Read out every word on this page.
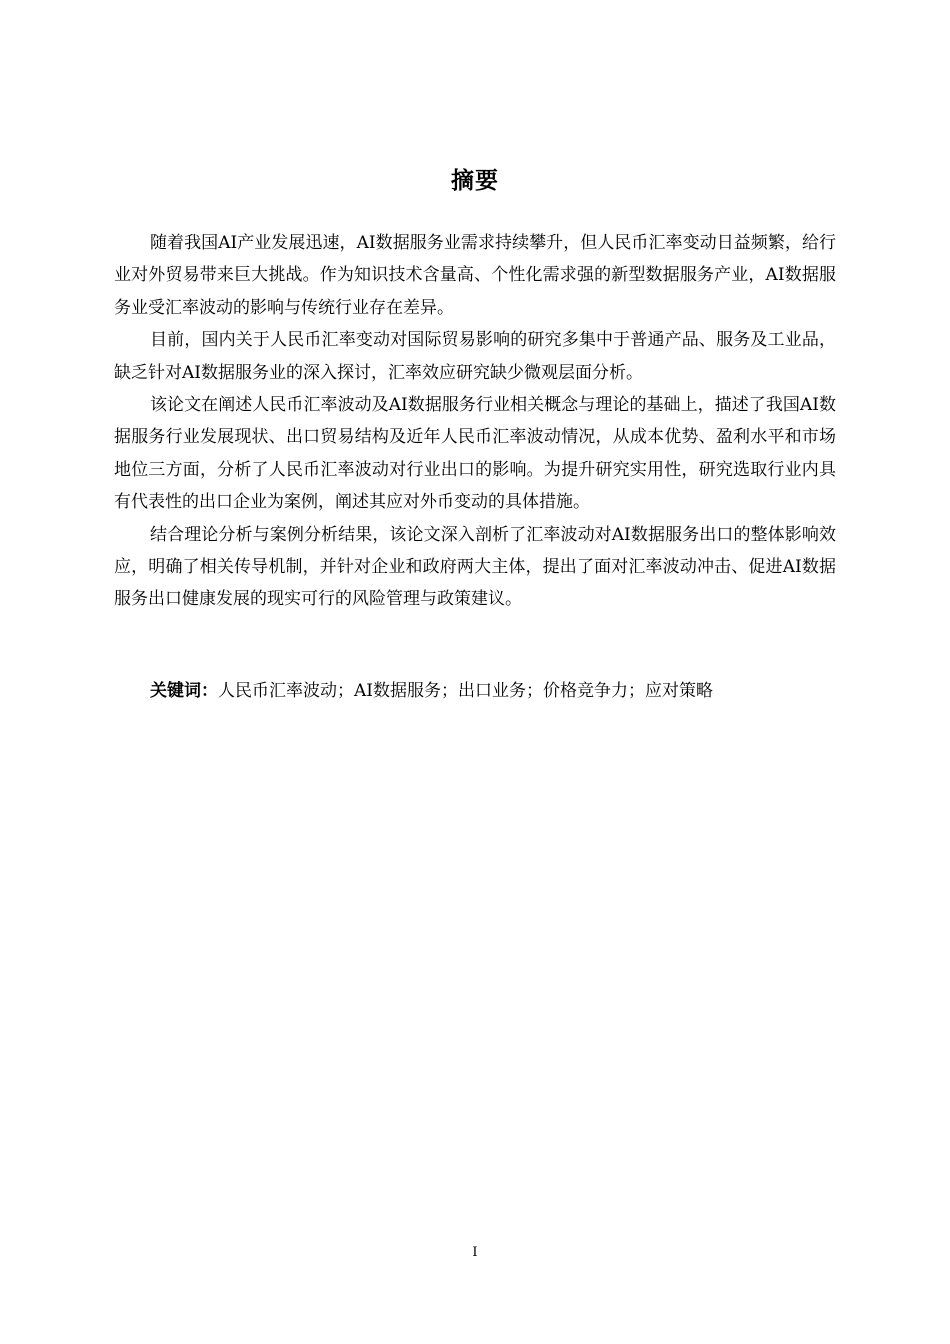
摘要

随着我国AI产业发展迅速，AI数据服务业需求持续攀升，但人民币汇率变动日益频繁，给行业对外贸易带来巨大挑战。作为知识技术含量高、个性化需求强的新型数据服务产业，AI数据服务业受汇率波动的影响与传统行业存在差异。

目前，国内关于人民币汇率变动对国际贸易影响的研究多集中于普通产品、服务及工业品，缺乏针对AI数据服务业的深入探讨，汇率效应研究缺少微观层面分析。

该论文在阐述人民币汇率波动及AI数据服务行业相关概念与理论的基础上，描述了我国AI数据服务行业发展现状、出口贸易结构及近年人民币汇率波动情况，从成本优势、盈利水平和市场地位三方面，分析了人民币汇率波动对行业出口的影响。为提升研究实用性，研究选取行业内具有代表性的出口企业为案例，阐述其应对外币变动的具体措施。

结合理论分析与案例分析结果，该论文深入剖析了汇率波动对AI数据服务出口的整体影响效应，明确了相关传导机制，并针对企业和政府两大主体，提出了面对汇率波动冲击、促进AI数据服务出口健康发展的现实可行的风险管理与政策建议。

关键词：人民币汇率波动；AI数据服务；出口业务；价格竞争力；应对策略
I
